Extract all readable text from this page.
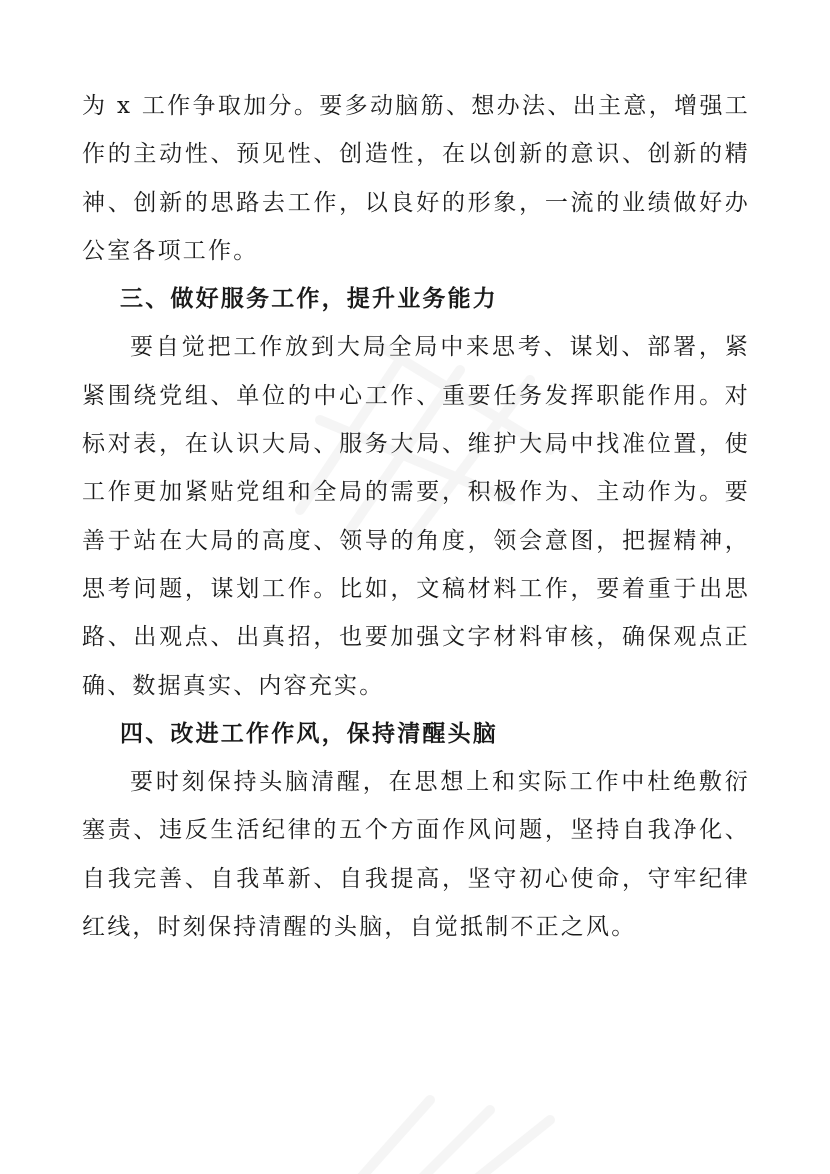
为 x 工作争取加分。要多动脑筋、想办法、出主意，增强工作的主动性、预见性、创造性，在以创新的意识、创新的精神、创新的思路去工作，以良好的形象，一流的业绩做好办公室各项工作。

三、做好服务工作，提升业务能力

要自觉把工作放到大局全局中来思考、谋划、部署，紧紧围绕党组、单位的中心工作、重要任务发挥职能作用。对标对表，在认识大局、服务大局、维护大局中找准位置，使工作更加紧贴党组和全局的需要，积极作为、主动作为。要善于站在大局的高度、领导的角度，领会意图，把握精神，思考问题，谋划工作。比如，文稿材料工作，要着重于出思路、出观点、出真招，也要加强文字材料审核，确保观点正确、数据真实、内容充实。

四、改进工作作风，保持清醒头脑

要时刻保持头脑清醒，在思想上和实际工作中杜绝敷衍塞责、违反生活纪律的五个方面作风问题，坚持自我净化、自我完善、自我革新、自我提高，坚守初心使命，守牢纪律红线，时刻保持清醒的头脑，自觉抵制不正之风。
